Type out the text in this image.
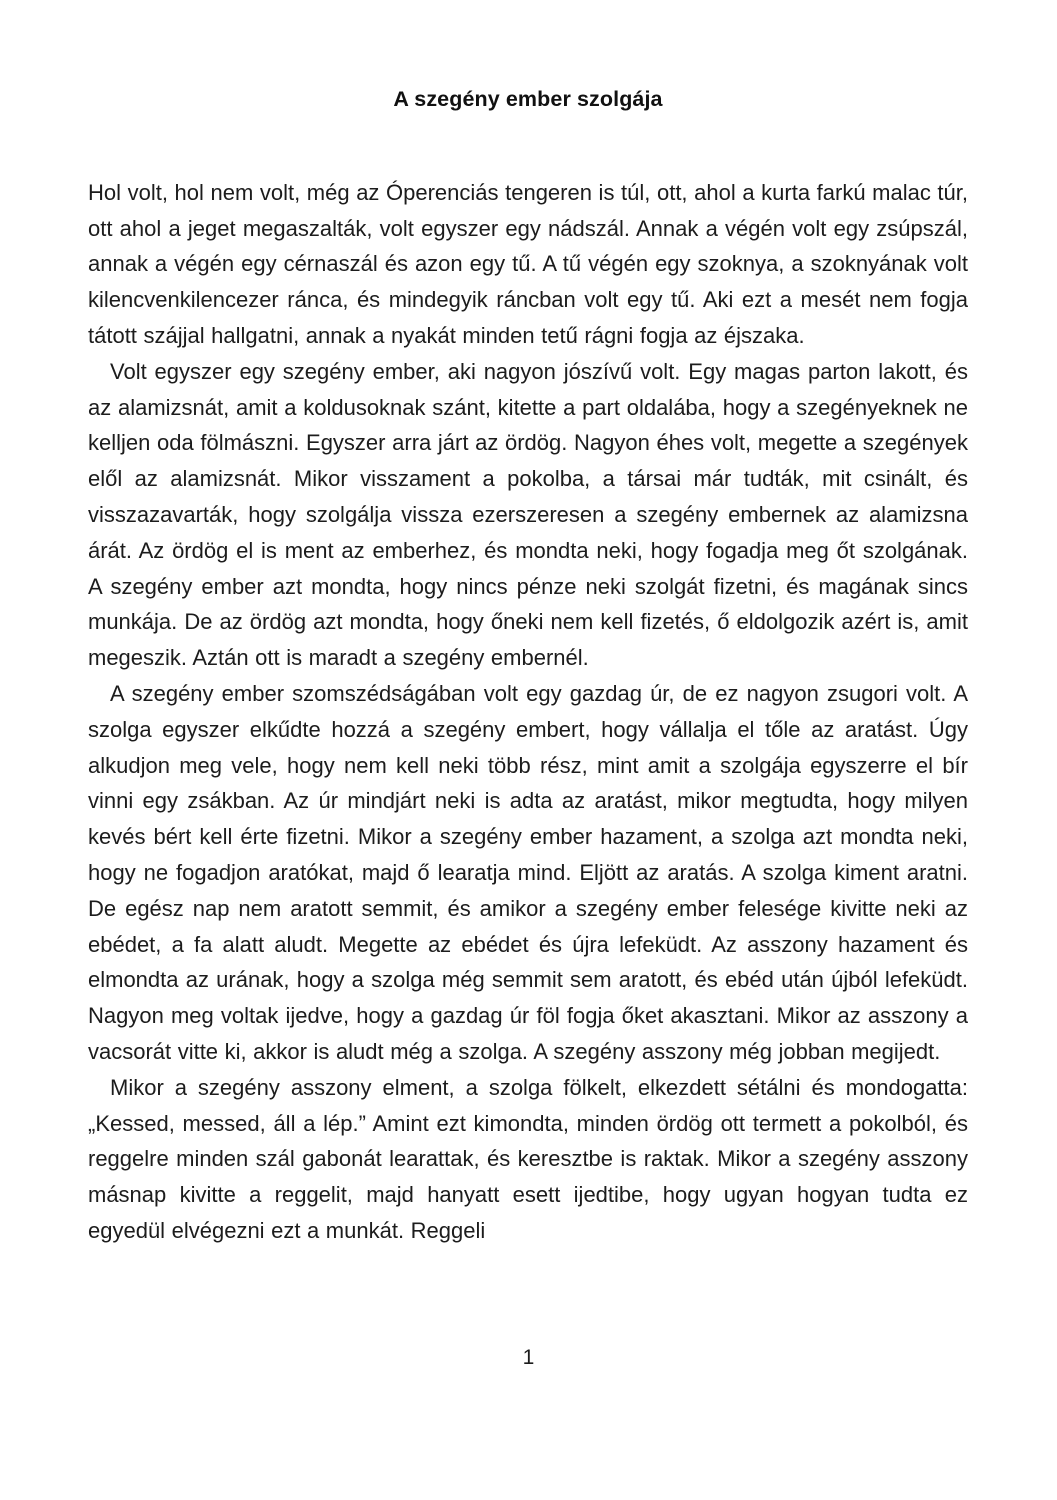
A szegény ember szolgája

Hol volt, hol nem volt, még az Óperenciás tengeren is túl, ott, ahol a kurta farkú malac túr, ott ahol a jeget megaszalták, volt egyszer egy nádszál. Annak a végén volt egy zsúpszál, annak a végén egy cérnaszál és azon egy tű. A tű végén egy szoknya, a szoknyának volt kilencvenkilencezer ránca, és mindegyik ráncban volt egy tű. Aki ezt a mesét nem fogja tátott szájjal hallgatni, annak a nyakát minden tetű rágni fogja az éjszaka.

Volt egyszer egy szegény ember, aki nagyon jószívű volt. Egy magas parton lakott, és az alamizsnát, amit a koldusoknak szánt, kitette a part oldalába, hogy a szegényeknek ne kelljen oda fölmászni. Egyszer arra járt az ördög. Nagyon éhes volt, megette a szegények elől az alamizsnát. Mikor visszament a pokolba, a társai már tudták, mit csinált, és visszazavarták, hogy szolgálja vissza ezerszeresen a szegény embernek az alamizsna árát. Az ördög el is ment az emberhez, és mondta neki, hogy fogadja meg őt szolgának. A szegény ember azt mondta, hogy nincs pénze neki szolgát fizetni, és magának sincs munkája. De az ördög azt mondta, hogy őneki nem kell fizetés, ő eldolgozik azért is, amit megeszik. Aztán ott is maradt a szegény embernél.

A szegény ember szomszédságában volt egy gazdag úr, de ez nagyon zsugori volt. A szolga egyszer elkűdte hozzá a szegény embert, hogy vállalja el tőle az aratást. Úgy alkudjon meg vele, hogy nem kell neki több rész, mint amit a szolgája egyszerre el bír vinni egy zsákban. Az úr mindjárt neki is adta az aratást, mikor megtudta, hogy milyen kevés bért kell érte fizetni. Mikor a szegény ember hazament, a szolga azt mondta neki, hogy ne fogadjon aratókat, majd ő learatja mind. Eljött az aratás. A szolga kiment aratni. De egész nap nem aratott semmit, és amikor a szegény ember felesége kivitte neki az ebédet, a fa alatt aludt. Megette az ebédet és újra lefeküdt. Az asszony hazament és elmondta az urának, hogy a szolga még semmit sem aratott, és ebéd után újból lefeküdt. Nagyon meg voltak ijedve, hogy a gazdag úr föl fogja őket akasztani. Mikor az asszony a vacsorát vitte ki, akkor is aludt még a szolga. A szegény asszony még jobban megijedt.

Mikor a szegény asszony elment, a szolga fölkelt, elkezdett sétálni és mondogatta: „Kessed, messed, áll a lép.” Amint ezt kimondta, minden ördög ott termett a pokolból, és reggelre minden szál gabonát learattak, és keresztbe is raktak. Mikor a szegény asszony másnap kivitte a reggelit, majd hanyatt esett ijedtibe, hogy ugyan hogyan tudta ez egyedül elvégezni ezt a munkát. Reggeli

1
